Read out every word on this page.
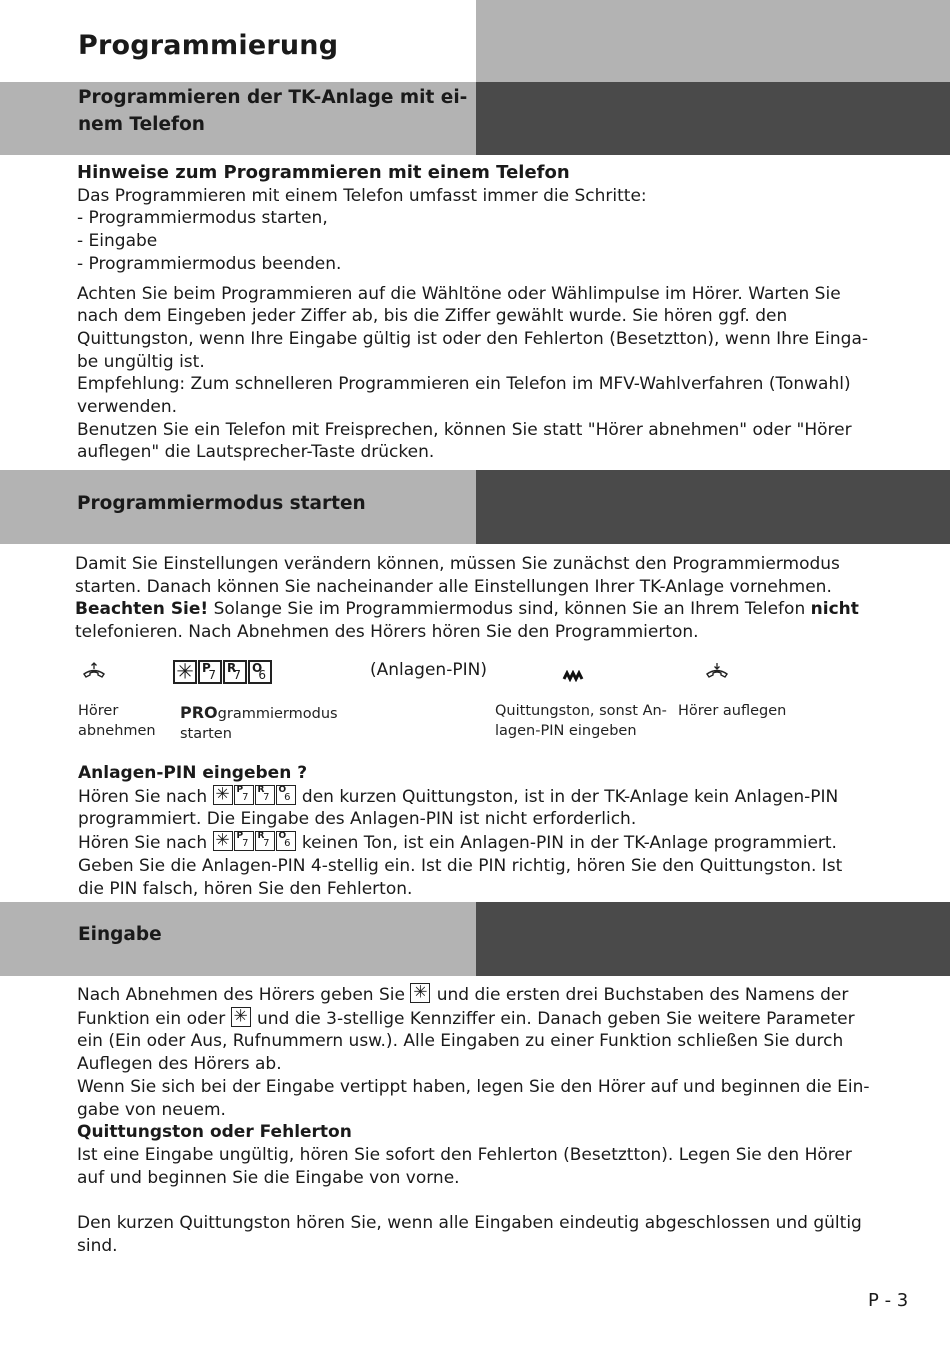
Programmierung
Programmieren der TK-Anlage mit ei-
nem Telefon

Hinweise zum Programmieren mit einem Telefon

Das Programmieren mit einem Telefon umfasst immer die Schritte:

- Programmiermodus starten,

- Eingabe

- Programmiermodus beenden.

Achten Sie beim Programmieren auf die Wähltöne oder Wählimpulse im Hörer. Warten Sie

nach dem Eingeben jeder Ziffer ab, bis die Ziffer gewählt wurde. Sie hören ggf. den

Quittungston, wenn Ihre Eingabe gültig ist oder den Fehlerton (Besetztton), wenn Ihre Einga-

be ungültig ist.

Empfehlung: Zum schnelleren Programmieren ein Telefon im MFV-Wahlverfahren (Tonwahl)

verwenden.

Benutzen Sie ein Telefon mit Freisprechen, können Sie statt "Hörer abnehmen" oder "Hörer

auflegen" die Lautsprecher-Taste drücken.

Programmiermodus starten

Damit Sie Einstellungen verändern können, müssen Sie zunächst den Programmiermodus

starten. Danach können Sie nacheinander alle Einstellungen Ihrer TK-Anlage vornehmen.

Beachten Sie! Solange Sie im Programmiermodus sind, können Sie an Ihrem Telefon nicht

telefonieren. Nach Abnehmen des Hörers hören Sie den Programmierton.

✳ P
7 R
7 O
6	(Anlagen-PIN)
Hörer
abnehmen
PROgrammiermodus
starten
Quittungston, sonst An-
lagen-PIN eingeben
Hörer auflegen

Anlagen-PIN eingeben ?

Hören Sie nach ✳ P
7
R
7
O
6 den kurzen Quittungston, ist in der TK-Anlage kein Anlagen-PIN

programmiert. Die Eingabe des Anlagen-PIN ist nicht erforderlich.

Hören Sie nach ✳ P
7
R
7
O
6 keinen Ton, ist ein Anlagen-PIN in der TK-Anlage programmiert.

Geben Sie die Anlagen-PIN 4-stellig ein. Ist die PIN richtig, hören Sie den Quittungston. Ist

die PIN falsch, hören Sie den Fehlerton.

Eingabe

Nach Abnehmen des Hörers geben Sie ✳ und die ersten drei Buchstaben des Namens der

Funktion ein oder ✳ und die 3-stellige Kennziffer ein. Danach geben Sie weitere Parameter

ein (Ein oder Aus, Rufnummern usw.). Alle Eingaben zu einer Funktion schließen Sie durch

Auflegen des Hörers ab.

Wenn Sie sich bei der Eingabe vertippt haben, legen Sie den Hörer auf und beginnen die Ein-

gabe von neuem.

Quittungston oder Fehlerton

Ist eine Eingabe ungültig, hören Sie sofort den Fehlerton (Besetztton). Legen Sie den Hörer

auf und beginnen Sie die Eingabe von vorne.

Den kurzen Quittungston hören Sie, wenn alle Eingaben eindeutig abgeschlossen und gültig

sind.

P - 3
